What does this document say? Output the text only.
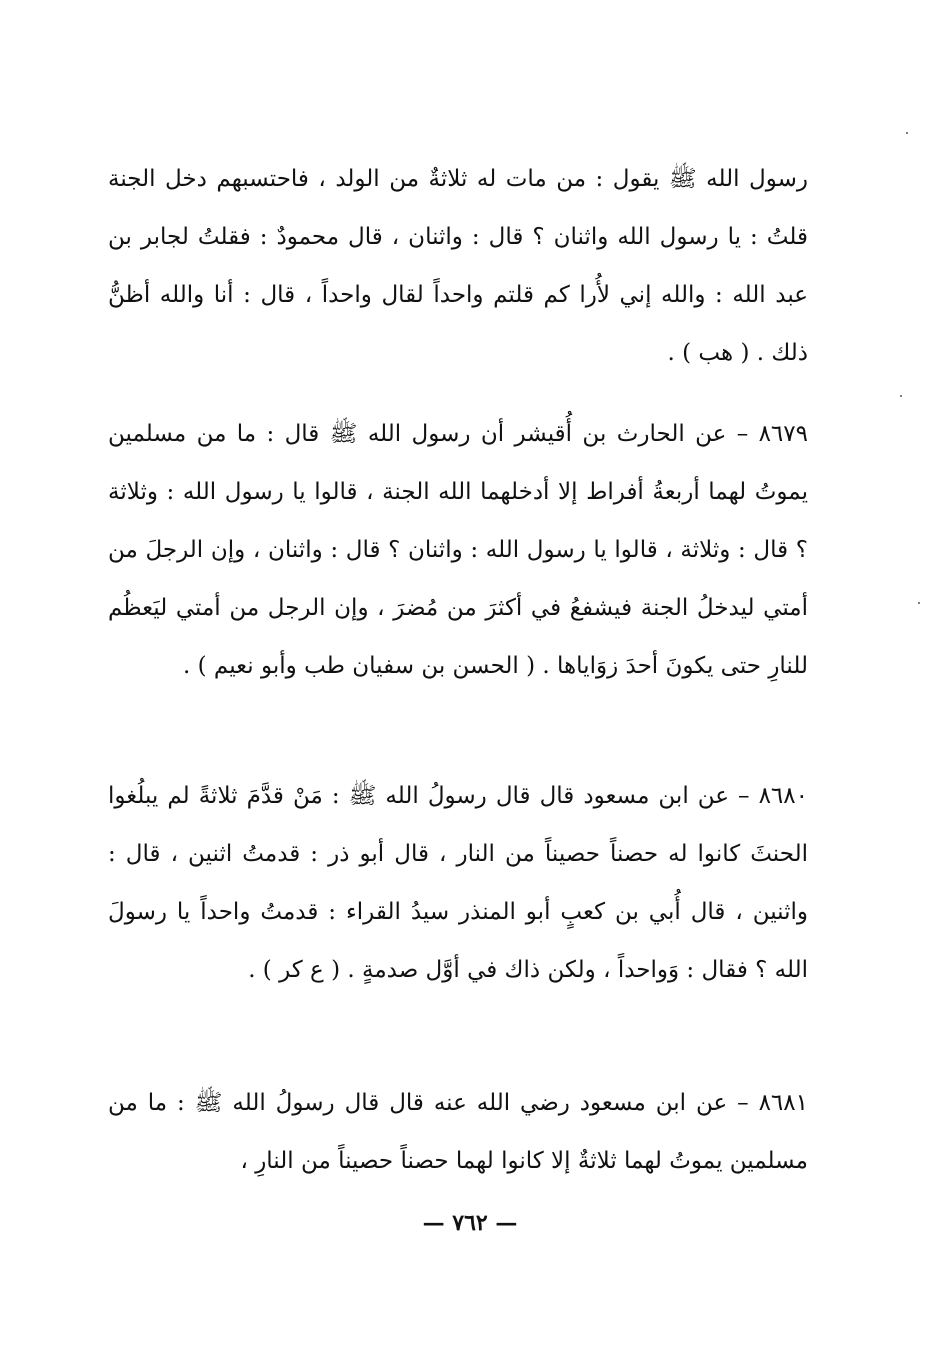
رسول الله ﷺ يقول : من مات له ثلاثةٌ من الولد ، فاحتسبهم دخل الجنة قلتُ : يا رسول الله واثنان ؟ قال : واثنان ، قال محمودٌ : فقلتُ لجابر بن عبد الله : والله إني لأُرا كم قلتم واحداً لقال واحداً ، قال : أنا والله أظنُّ ذلك . ( هب ) .
٨٦٧٩ – عن الحارث بن أُقيشر أن رسول الله ﷺ قال : ما من مسلمين يموتُ لهما أربعةُ أفراط إلا أدخلهما الله الجنة ، قالوا يا رسول الله : وثلاثة ؟ قال : وثلاثة ، قالوا يا رسول الله : واثنان ؟ قال : واثنان ، وإن الرجلَ من أمتي ليدخلُ الجنة فيشفعُ في أكثرَ من مُضرَ ، وإن الرجل من أمتي ليَعظُم للنارِ حتى يكونَ أحدَ زوَاياها . ( الحسن بن سفيان طب وأبو نعيم ) .
٨٦٨٠ – عن ابن مسعود قال قال رسولُ الله ﷺ : مَنْ قدَّمَ ثلاثةً لم يبلُغوا الحنثَ كانوا له حصناً حصيناً من النار ، قال أبو ذر : قدمتُ اثنين ، قال : واثنين ، قال أُبي بن كعبٍ أبو المنذر سيدُ القراء : قدمتُ واحداً يا رسولَ الله ؟ فقال : وَواحداً ، ولكن ذاك في أوَّل صدمةٍ . ( ع كر ) .
٨٦٨١ – عن ابن مسعود رضي الله عنه قال قال رسولُ الله ﷺ : ما من مسلمين يموتُ لهما ثلاثةٌ إلا كانوا لهما حصناً حصيناً من النارِ ،
— ٧٦٢ —
